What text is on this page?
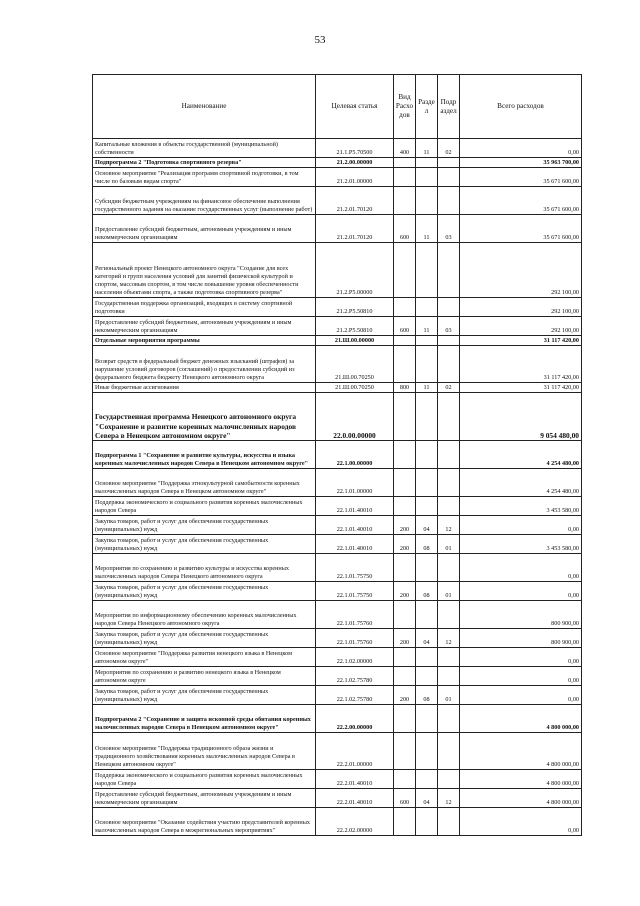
53
Наименование	Целевая статья	Вид Расхо дов	Разде л	Подр аздел	Всего расходов
Капитальные вложения в объекты государственной (муниципальной) собственности	21.1.P5.70500	400	11	02	0,00
Подпрограмма 2 "Подготовка спортивного резерва"	21.2.00.00000				35 963 700,00
Основное мероприятие "Реализация программ спортивной подготовки, в том числе по базовым видам спорта"	21.2.01.00000				35 671 600,00
Субсидии бюджетным учреждениям на финансовое обеспечение выполнения государственного задания на оказание государственных услуг (выполнение работ)	21.2.01.70120				35 671 600,00
Предоставление субсидий бюджетным, автономным учреждениям и иным некоммерческим организациям	21.2.01.70120	600	11	03	35 671 600,00
Региональный проект Ненецкого автономного округа "Создание для всех категорий и групп населения условий для занятий физической культурой и спортом, массовым спортом, в том числе повышение уровня обеспеченности населения объектами спорта, а также подготовка спортивного резерва"	21.2.P5.00000				292 100,00
Государственная поддержка организаций, входящих в систему спортивной подготовки	21.2.P5.50810				292 100,00
Предоставление субсидий бюджетным, автономным учреждениям и иным некоммерческим организациям	21.2.P5.50810	600	11	03	292 100,00
Отдельные мероприятия программы	21.Ш.00.00000				31 117 420,00
Возврат средств в федеральный бюджет денежных взысканий (штрафов) за нарушение условий договоров (соглашений) о предоставлении субсидий из федерального бюджета бюджету Ненецкого автономного округа	21.Ш.00.70250				31 117 420,00
Иные бюджетные ассигнования	21.Ш.00.70250	800	11	02	31 117 420,00
Государственная программа Ненецкого автономного округа "Сохранение и развитие коренных малочисленных народов Севера в Ненецком автономном округе"	22.0.00.00000				9 054 480,00
Подпрограмма 1 "Сохранение и развитие культуры, искусства и языка коренных малочисленных народов Севера в Ненецком автономном округе"	22.1.00.00000				4 254 480,00
Основное мероприятие "Поддержка этнокультурной самобытности коренных малочисленных народов Севера в Ненецком автономном округе"	22.1.01.00000				4 254 480,00
Поддержка экономического и социального развития коренных малочисленных народов Севера	22.1.01.40010				3 453 580,00
Закупка товаров, работ и услуг для обеспечения государственных (муниципальных) нужд	22.1.01.40010	200	04	12	0,00
Закупка товаров, работ и услуг для обеспечения государственных (муниципальных) нужд	22.1.01.40010	200	08	01	3 453 580,00
Мероприятия по сохранению и развитию культуры и искусства коренных малочисленных народов Севера Ненецкого автономного округа	22.1.01.75750				0,00
Закупка товаров, работ и услуг для обеспечения государственных (муниципальных) нужд	22.1.01.75750	200	08	01	0,00
Мероприятия по информационному обеспечению коренных малочисленных народов Севера Ненецкого автономного округа	22.1.01.75760				800 900,00
Закупка товаров, работ и услуг для обеспечения государственных (муниципальных) нужд	22.1.01.75760	200	04	12	800 900,00
Основное мероприятие "Поддержка развития ненецкого языка в Ненецком автономном округе"	22.1.02.00000				0,00
Мероприятия по сохранению и развитию ненецкого языка в Ненецком автономном округе	22.1.02.75780				0,00
Закупка товаров, работ и услуг для обеспечения государственных (муниципальных) нужд	22.1.02.75780	200	08	01	0,00
Подпрограмма 2 "Сохранение и защита исконной среды обитания коренных малочисленных народов Севера в Ненецком автономном округе"	22.2.00.00000				4 800 000,00
Основное мероприятие "Поддержка традиционного образа жизни и традиционного хозяйствования коренных малочисленных народов Севера в Ненецком автономном округе"	22.2.01.00000				4 800 000,00
Поддержка экономического и социального развития коренных малочисленных народов Севера	22.2.01.40010				4 800 000,00
Предоставление субсидий бюджетным, автономным учреждениям и иным некоммерческим организациям	22.2.01.40010	600	04	12	4 800 000,00
Основное мероприятие "Оказание содействия участию представителей коренных малочисленных народов Севера в межрегиональных мероприятиях"	22.2.02.00000				0,00
